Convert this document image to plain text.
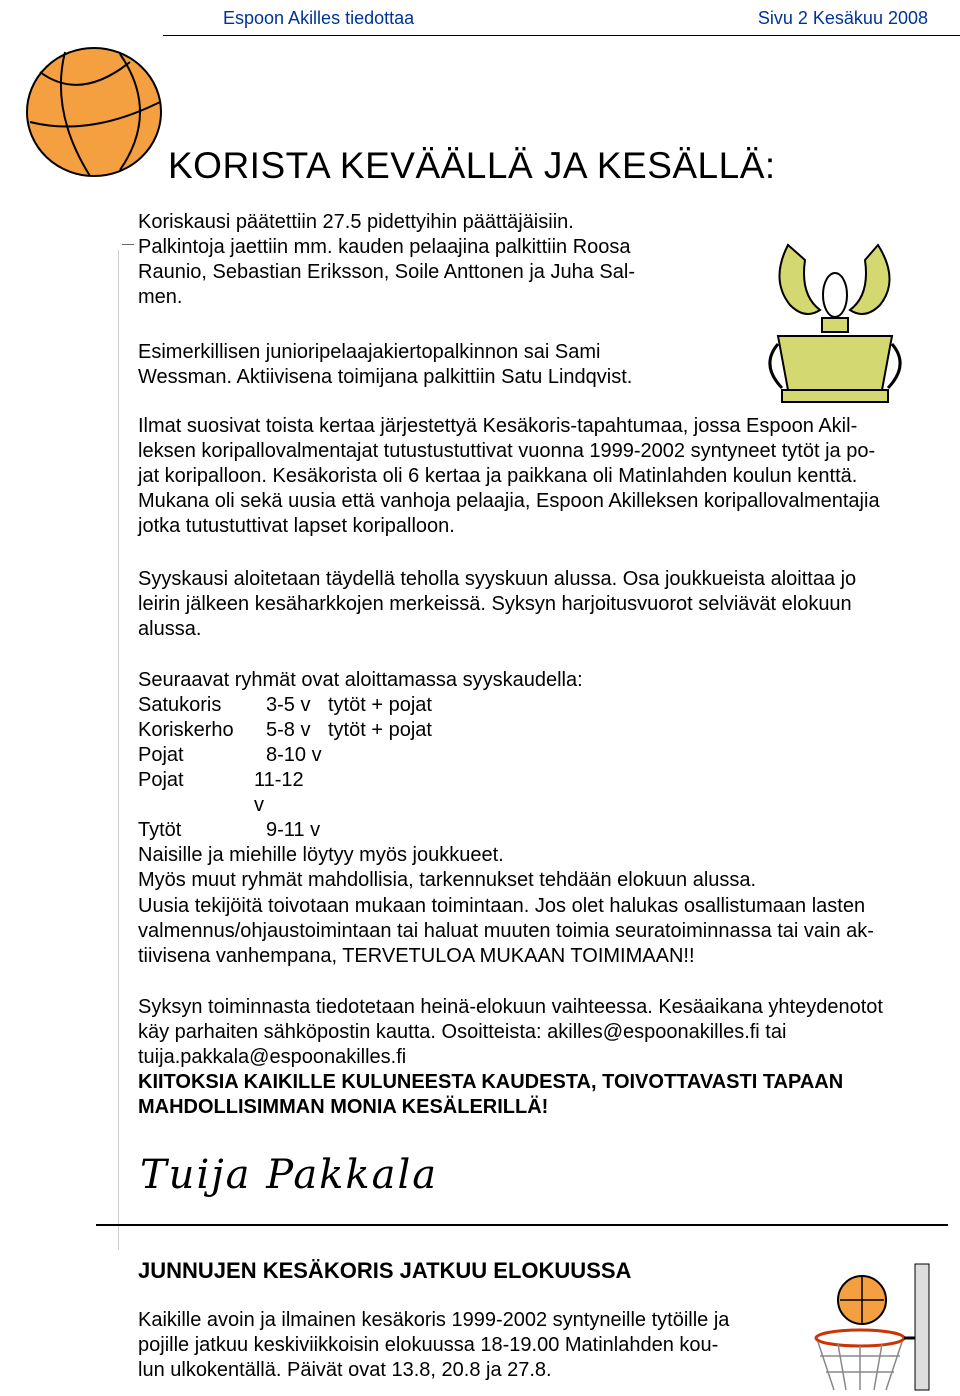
Espoon Akilles tiedottaa	Sivu 2 Kesäkuu 2008
KORISTA KEVÄÄLLÄ JA KESÄLLÄ:
Koriskausi päätettiin 27.5 pidettyihin päättäjäisiin.
Palkintoja jaettiin mm. kauden pelaajina palkittiin Roosa
Raunio, Sebastian Eriksson, Soile Anttonen ja Juha Sal-
men.
Esimerkillisen junioripelaajakiertopalkinnon sai Sami
Wessman. Aktiivisena toimijana palkittiin Satu Lindqvist.
Ilmat suosivat toista kertaa järjestettyä Kesäkoris-tapahtumaa, jossa Espoon Akil-
leksen koripallovalmentajat tutustustuttivat vuonna 1999-2002 syntyneet tytöt ja po-
jat koripalloon. Kesäkorista oli 6 kertaa ja paikkana oli Matinlahden koulun kenttä.
Mukana oli sekä uusia että vanhoja pelaajia, Espoon Akilleksen koripallovalmentajia
jotka tutustuttivat lapset koripalloon.
Syyskausi aloitetaan täydellä teholla syyskuun alussa. Osa joukkueista aloittaa jo
leirin jälkeen kesäharkkojen merkeissä. Syksyn harjoitusvuorot selviävät elokuun
alussa.
Seuraavat ryhmät ovat aloittamassa syyskaudella:
Satukoris	3-5 v tytöt + pojat
Koriskerho	5-8 v tytöt + pojat
Pojat	8-10 v
Pojat	11-12 v
Tytöt	9-11 v
Naisille ja miehille löytyy myös joukkueet.
Myös muut ryhmät mahdollisia, tarkennukset tehdään elokuun alussa.
Uusia tekijöitä toivotaan mukaan toimintaan. Jos olet halukas osallistumaan lasten
valmennus/ohjaustoimintaan tai haluat muuten toimia seuratoiminnassa tai vain ak-
tiivisena vanhempana, TERVETULOA MUKAAN TOIMIMAAN!!
Syksyn toiminnasta tiedotetaan heinä-elokuun vaihteessa. Kesäaikana yhteydenotot
käy parhaiten sähköpostin kautta. Osoitteista: akilles@espoonakilles.fi tai
tuija.pakkala@espoonakilles.fi
KIITOKSIA KAIKILLE KULUNEESTA KAUDESTA, TOIVOTTAVASTI TAPAAN
MAHDOLLISIMMAN MONIA KESÄLERILLÄ!
Tuija Pakkala
JUNNUJEN KESÄKORIS JATKUU ELOKUUSSA
Kaikille avoin ja ilmainen kesäkoris 1999-2002 syntyneille tytöille ja
pojille jatkuu keskiviikkoisin elokuussa 18-19.00 Matinlahden kou-
lun ulkokentällä. Päivät ovat 13.8, 20.8 ja 27.8.
